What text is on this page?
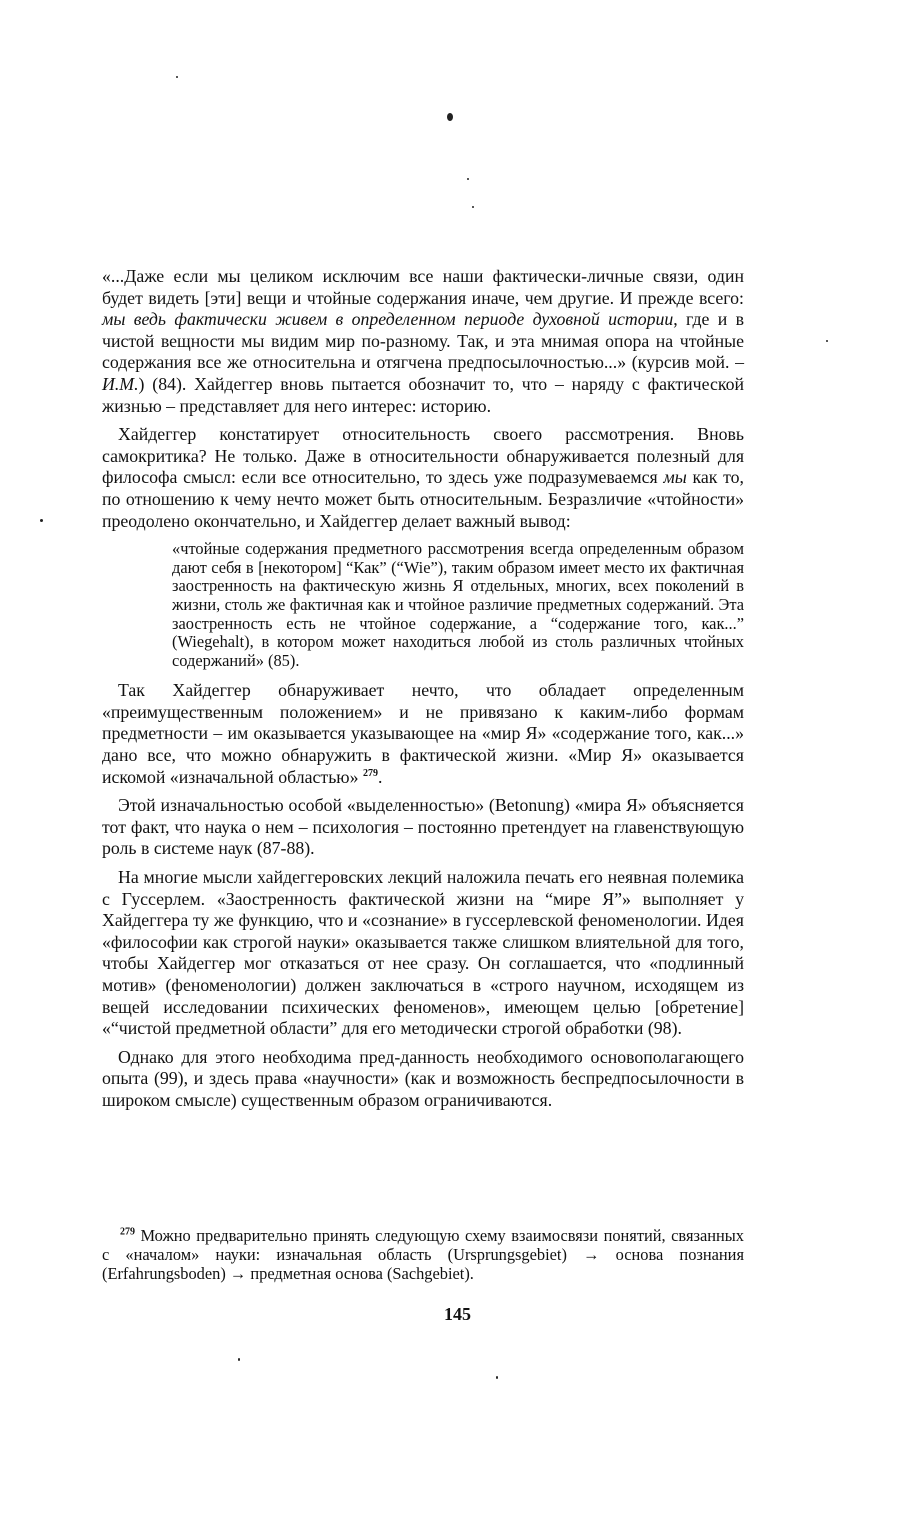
«...Даже если мы целиком исключим все наши фактически-личные связи, один будет видеть [эти] вещи и чтойные содержания иначе, чем другие. И прежде всего: мы ведь фактически живем в определенном периоде духовной истории, где и в чистой вещности мы видим мир по-разному. Так, и эта мнимая опора на чтойные содержания все же относительна и отягчена предпосылочностью...» (курсив мой. – И.М.) (84). Хайдеггер вновь пытается обозначит то, что – наряду с фактической жизнью – представляет для него интерес: историю.

Хайдеггер констатирует относительность своего рассмотрения. Вновь самокритика? Не только. Даже в относительности обнаруживается полезный для философа смысл: если все относительно, то здесь уже подразумеваемся мы как то, по отношению к чему нечто может быть относительным. Безразличие «чтойности» преодолено окончательно, и Хайдеггер делает важный вывод:

«чтойные содержания предметного рассмотрения всегда определенным образом дают себя в [некотором] “Как” (“Wie”), таким образом имеет место их фактичная заостренность на фактическую жизнь Я отдельных, многих, всех поколений в жизни, столь же фактичная как и чтойное различие предметных содержаний. Эта заостренность есть не чтойное содержание, а “содержание того, как...” (Wiegehalt), в котором может находиться любой из столь различных чтойных содержаний» (85).

Так Хайдеггер обнаруживает нечто, что обладает определенным «преимущественным положением» и не привязано к каким-либо формам предметности – им оказывается указывающее на «мир Я» «содержание того, как...» дано все, что можно обнаружить в фактической жизни. «Мир Я» оказывается искомой «изначальной областью» $^{279}$.

Этой изначальностью особой «выделенностью» (Betonung) «мира Я» объясняется тот факт, что наука о нем – психология – постоянно претендует на главенствующую роль в системе наук (87-88).

На многие мысли хайдеггеровских лекций наложила печать его неявная полемика с Гуссерлем. «Заостренность фактической жизни на “мире Я”» выполняет у Хайдеггера ту же функцию, что и «сознание» в гуссерлевской феноменологии. Идея «философии как строгой науки» оказывается также слишком влиятельной для того, чтобы Хайдеггер мог отказаться от нее сразу. Он соглашается, что «подлинный мотив» (феноменологии) должен заключаться в «строго научном, исходящем из вещей исследовании психических феноменов», имеющем целью [обретение] «“чистой предметной области” для его методически строгой обработки (98).

Однако для этого необходима пред-данность необходимого основополагающего опыта (99), и здесь права «научности» (как и возможность беспредпосылочности в широком смысле) существенным образом ограничиваются.

$^{279}$ Можно предварительно принять следующую схему взаимосвязи понятий, связанных с «началом» науки: изначальная область (Ursprungsgebiet) → основа познания (Erfahrungsboden) → предметная основа (Sachgebiet).

145
